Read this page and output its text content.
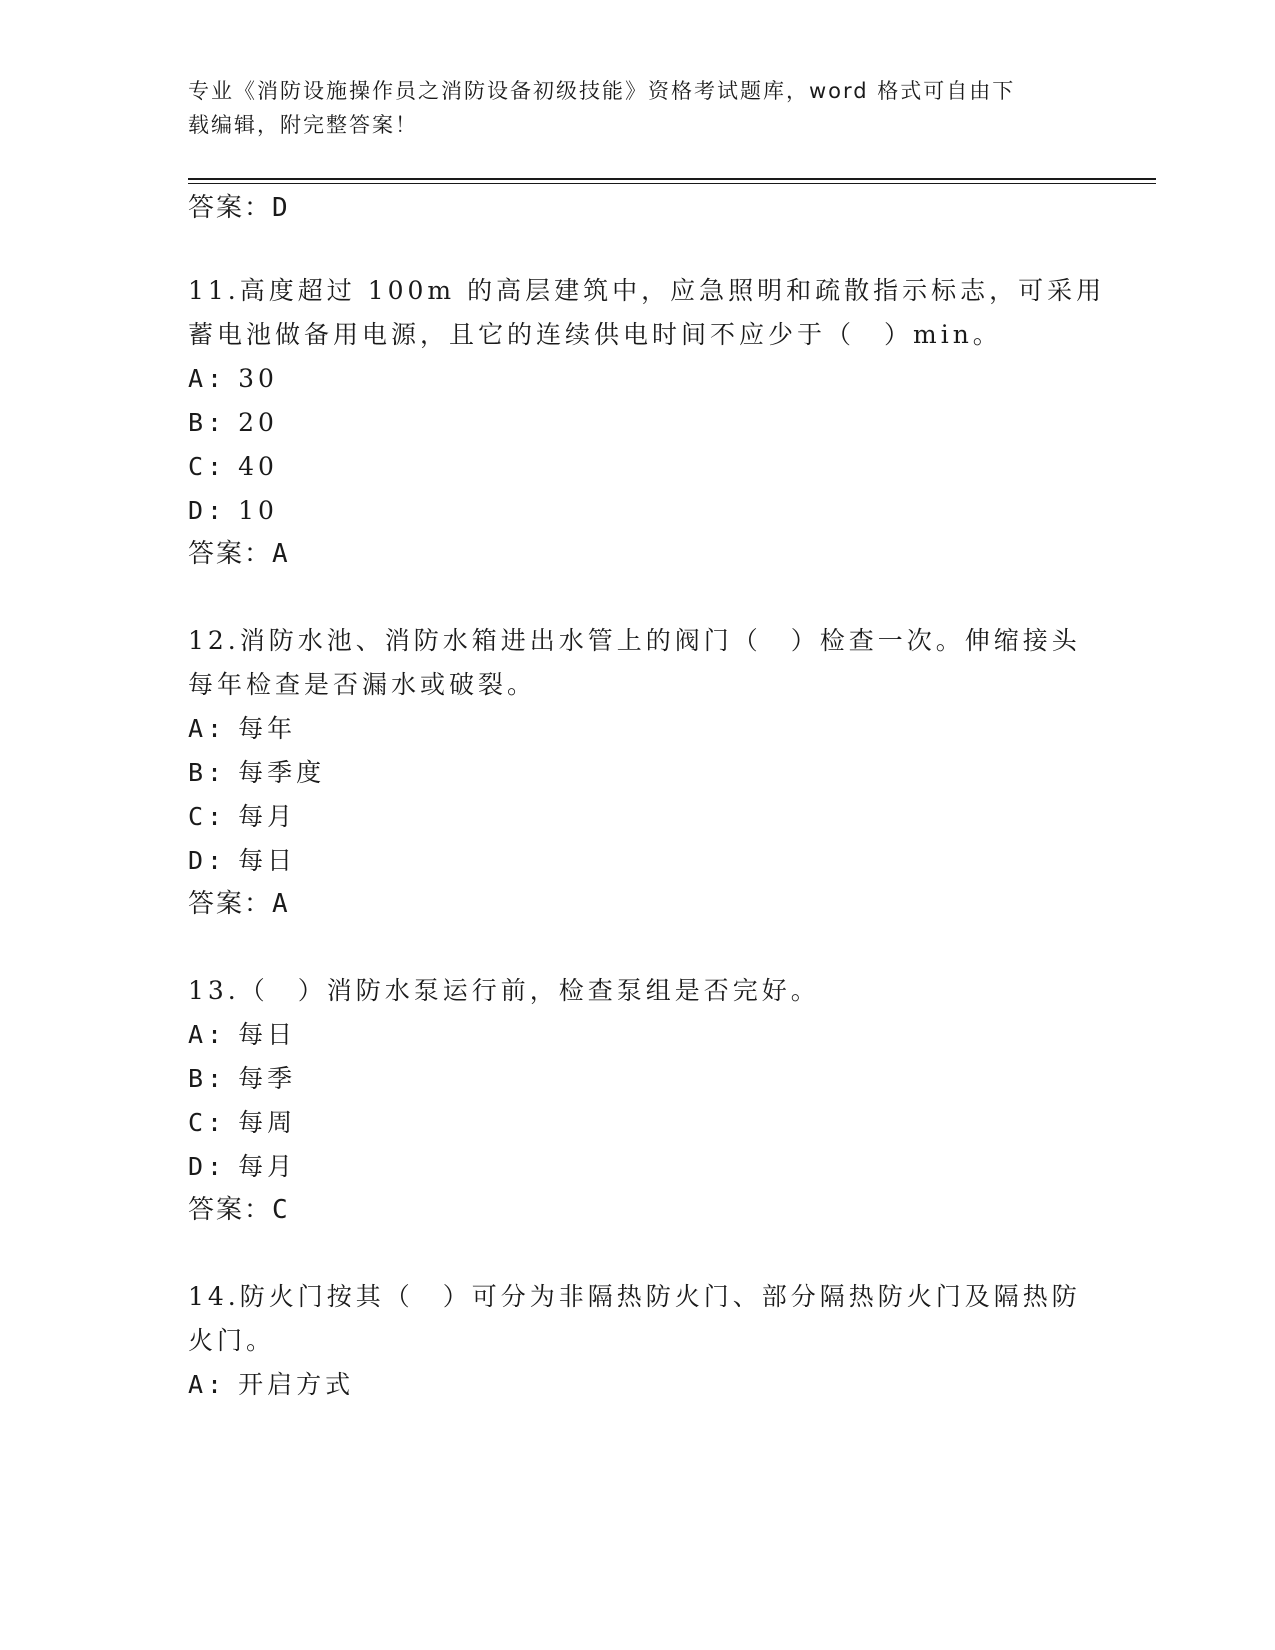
专业《消防设施操作员之消防设备初级技能》资格考试题库，word 格式可自由下
载编辑，附完整答案！
答案：D
11.高度超过 100m 的高层建筑中，应急照明和疏散指示标志，可采用
蓄电池做备用电源，且它的连续供电时间不应少于（　）min。
A: 30
B: 20
C: 40
D: 10
答案：A
12.消防水池、消防水箱进出水管上的阀门（　）检查一次。伸缩接头
每年检查是否漏水或破裂。
A: 每年
B: 每季度
C: 每月
D: 每日
答案：A
13.（　）消防水泵运行前，检查泵组是否完好。
A: 每日
B: 每季
C: 每周
D: 每月
答案：C
14.防火门按其（　）可分为非隔热防火门、部分隔热防火门及隔热防
火门。
A: 开启方式
